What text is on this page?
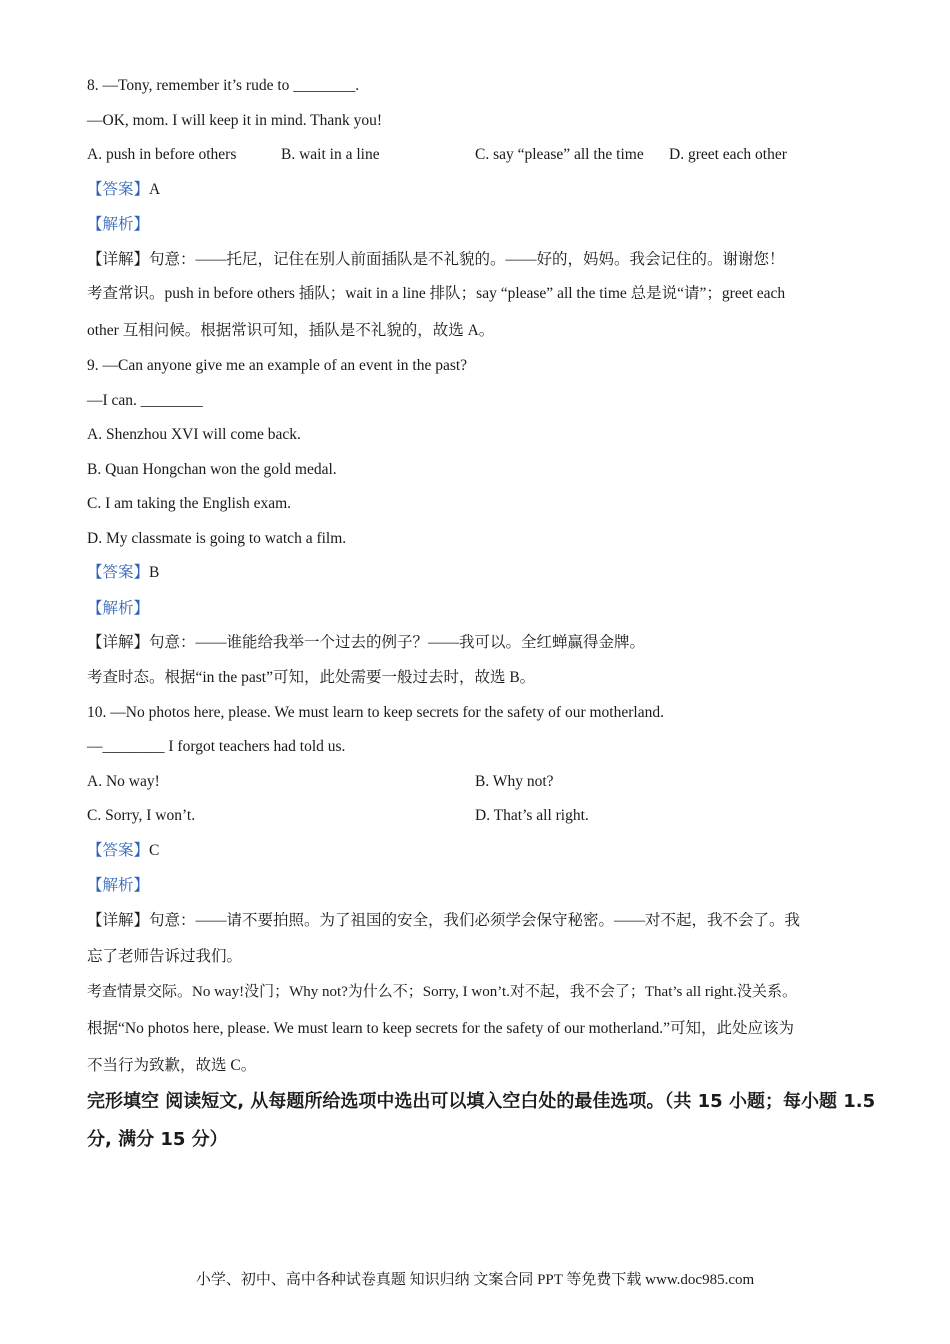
8. —Tony, remember it’s rude to ________.
—OK, mom. I will keep it in mind. Thank you!
A. push in before others	B. wait in a line	C. say “please” all the time D. greet each other
【答案】A
【解析】
【详解】句意：——托尼，记住在别人前面插队是不礼貌的。——好的，妈妈。我会记住的。谢谢您！
考查常识。push in before others 插队；wait in a line 排队；say “please” all the time 总是说“请”；greet each
other 互相问候。根据常识可知，插队是不礼貌的，故选 A。
9. —Can anyone give me an example of an event in the past?
—I can. ________
A. Shenzhou XVI will come back.
B. Quan Hongchan won the gold medal.
C. I am taking the English exam.
D. My classmate is going to watch a film.
【答案】B
【解析】
【详解】句意：——谁能给我举一个过去的例子？——我可以。全红蝉赢得金牌。
考查时态。根据“in the past”可知，此处需要一般过去时，故选 B。
10. —No photos here, please. We must learn to keep secrets for the safety of our motherland.
—________ I forgot teachers had told us.
A. No way!	B. Why not?
C. Sorry, I won’t.	D. That’s all right.
【答案】C
【解析】
【详解】句意：——请不要拍照。为了祖国的安全，我们必须学会保守秘密。——对不起，我不会了。我
忘了老师告诉过我们。
考查情景交际。No way!没门；Why not?为什么不；Sorry, I won’t.对不起，我不会了；That’s all right.没关系。
根据“No photos here, please. We must learn to keep secrets for the safety of our motherland.”可知，此处应该为
不当行为致歉，故选 C。
完形填空 阅读短文, 从每题所给选项中选出可以填入空白处的最佳选项。（共 15 小题；每小题 1.5 分, 满分 15 分）
小学、初中、高中各种试卷真题 知识归纳 文案合同 PPT 等免费下载 www.doc985.com
